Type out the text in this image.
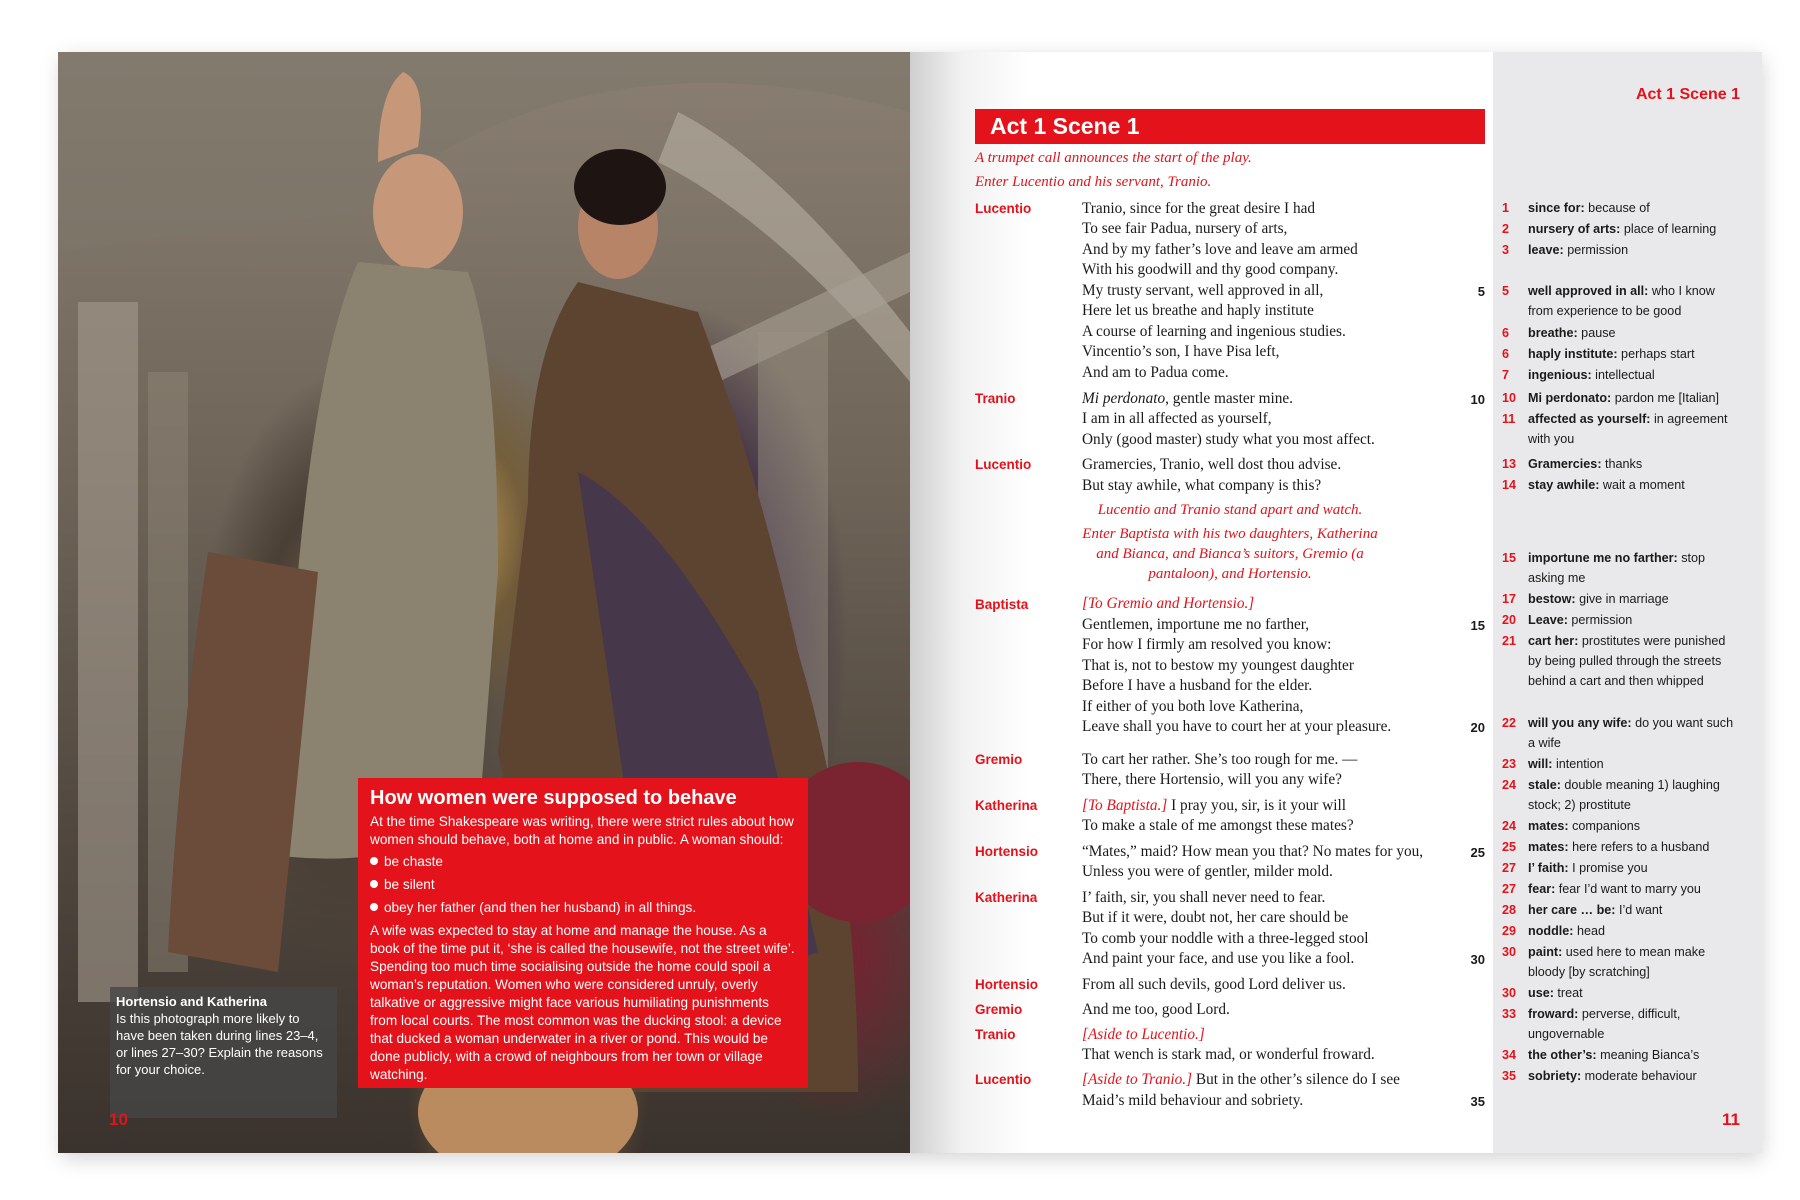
Hortensio and Katherina
Is this photograph more likely to have been taken during lines 23–4, or lines 27–30? Explain the reasons for your choice.
How women were supposed to behave

At the time Shakespeare was writing, there were strict rules about how women should behave, both at home and in public. A woman should:

be chaste
be silent
obey her father (and then her husband) in all things.

A wife was expected to stay at home and manage the house. As a book of the time put it, ‘she is called the housewife, not the street wife’. Spending too much time socialising outside the home could spoil a woman’s reputation. Women who were considered unruly, overly talkative or aggressive might face various humiliating punishments from local courts. The most common was the ducking stool: a device that ducked a woman underwater in a river or pond. This would be done publicly, with a crowd of neighbours from her town or village watching.

10
Act 1 Scene 1
Act 1 Scene 1
A trumpet call announces the start of the play.
Enter Lucentio and his servant, Tranio.
Lucentio
Tranio
Lucentio
Baptista
Gremio
Katherina
Hortensio
Katherina
Hortensio
Gremio
Tranio
Lucentio
Tranio, since for the great desire I had
To see fair Padua, nursery of arts,
And by my father’s love and leave am armed
With his goodwill and thy good company.
My trusty servant, well approved in all,
Here let us breathe and haply institute
A course of learning and ingenious studies.
Vincentio’s son, I have Pisa left,
And am to Padua come.
Mi perdonato, gentle master mine.
I am in all affected as yourself,
Only (good master) study what you most affect.
Gramercies, Tranio, well dost thou advise.
But stay awhile, what company is this?
Lucentio and Tranio stand apart and watch.
Enter Baptista with his two daughters, Katherina
and Bianca, and Bianca’s suitors, Gremio (a
pantaloon), and Hortensio.
[To Gremio and Hortensio.]
Gentlemen, importune me no farther,
For how I firmly am resolved you know:
That is, not to bestow my youngest daughter
Before I have a husband for the elder.
If either of you both love Katherina,
Leave shall you have to court her at your pleasure.
To cart her rather. She’s too rough for me. —
There, there Hortensio, will you any wife?
[To Baptista.] I pray you, sir, is it your will
To make a stale of me amongst these mates?
“Mates,” maid? How mean you that? No mates for you,
Unless you were of gentler, milder mold.
I’ faith, sir, you shall never need to fear.
But if it were, doubt not, her care should be
To comb your noddle with a three-legged stool
And paint your face, and use you like a fool.
From all such devils, good Lord deliver us.
And me too, good Lord.
[Aside to Lucentio.]
That wench is stark mad, or wonderful froward.
[Aside to Tranio.] But in the other’s silence do I see
Maid’s mild behaviour and sobriety.
5
10
15
20
25
30
35
1 since for: because of
2 nursery of arts: place of learning
3 leave: permission
5 well approved in all: who I know from experience to be good
6 breathe: pause
6 haply institute: perhaps start
7 ingenious: intellectual
10 Mi perdonato: pardon me [Italian]
11 affected as yourself: in agreement with you
13 Gramercies: thanks
14 stay awhile: wait a moment
15 importune me no farther: stop asking me
17 bestow: give in marriage
20 Leave: permission
21 cart her: prostitutes were punished by being pulled through the streets behind a cart and then whipped
22 will you any wife: do you want such a wife
23 will: intention
24 stale: double meaning 1) laughing stock; 2) prostitute
24 mates: companions
25 mates: here refers to a husband
27 I’ faith: I promise you
27 fear: fear I’d want to marry you
28 her care … be: I’d want
29 noddle: head
30 paint: used here to mean make bloody [by scratching]
30 use: treat
33 froward: perverse, difficult, ungovernable
34 the other’s: meaning Bianca’s
35 sobriety: moderate behaviour
11
